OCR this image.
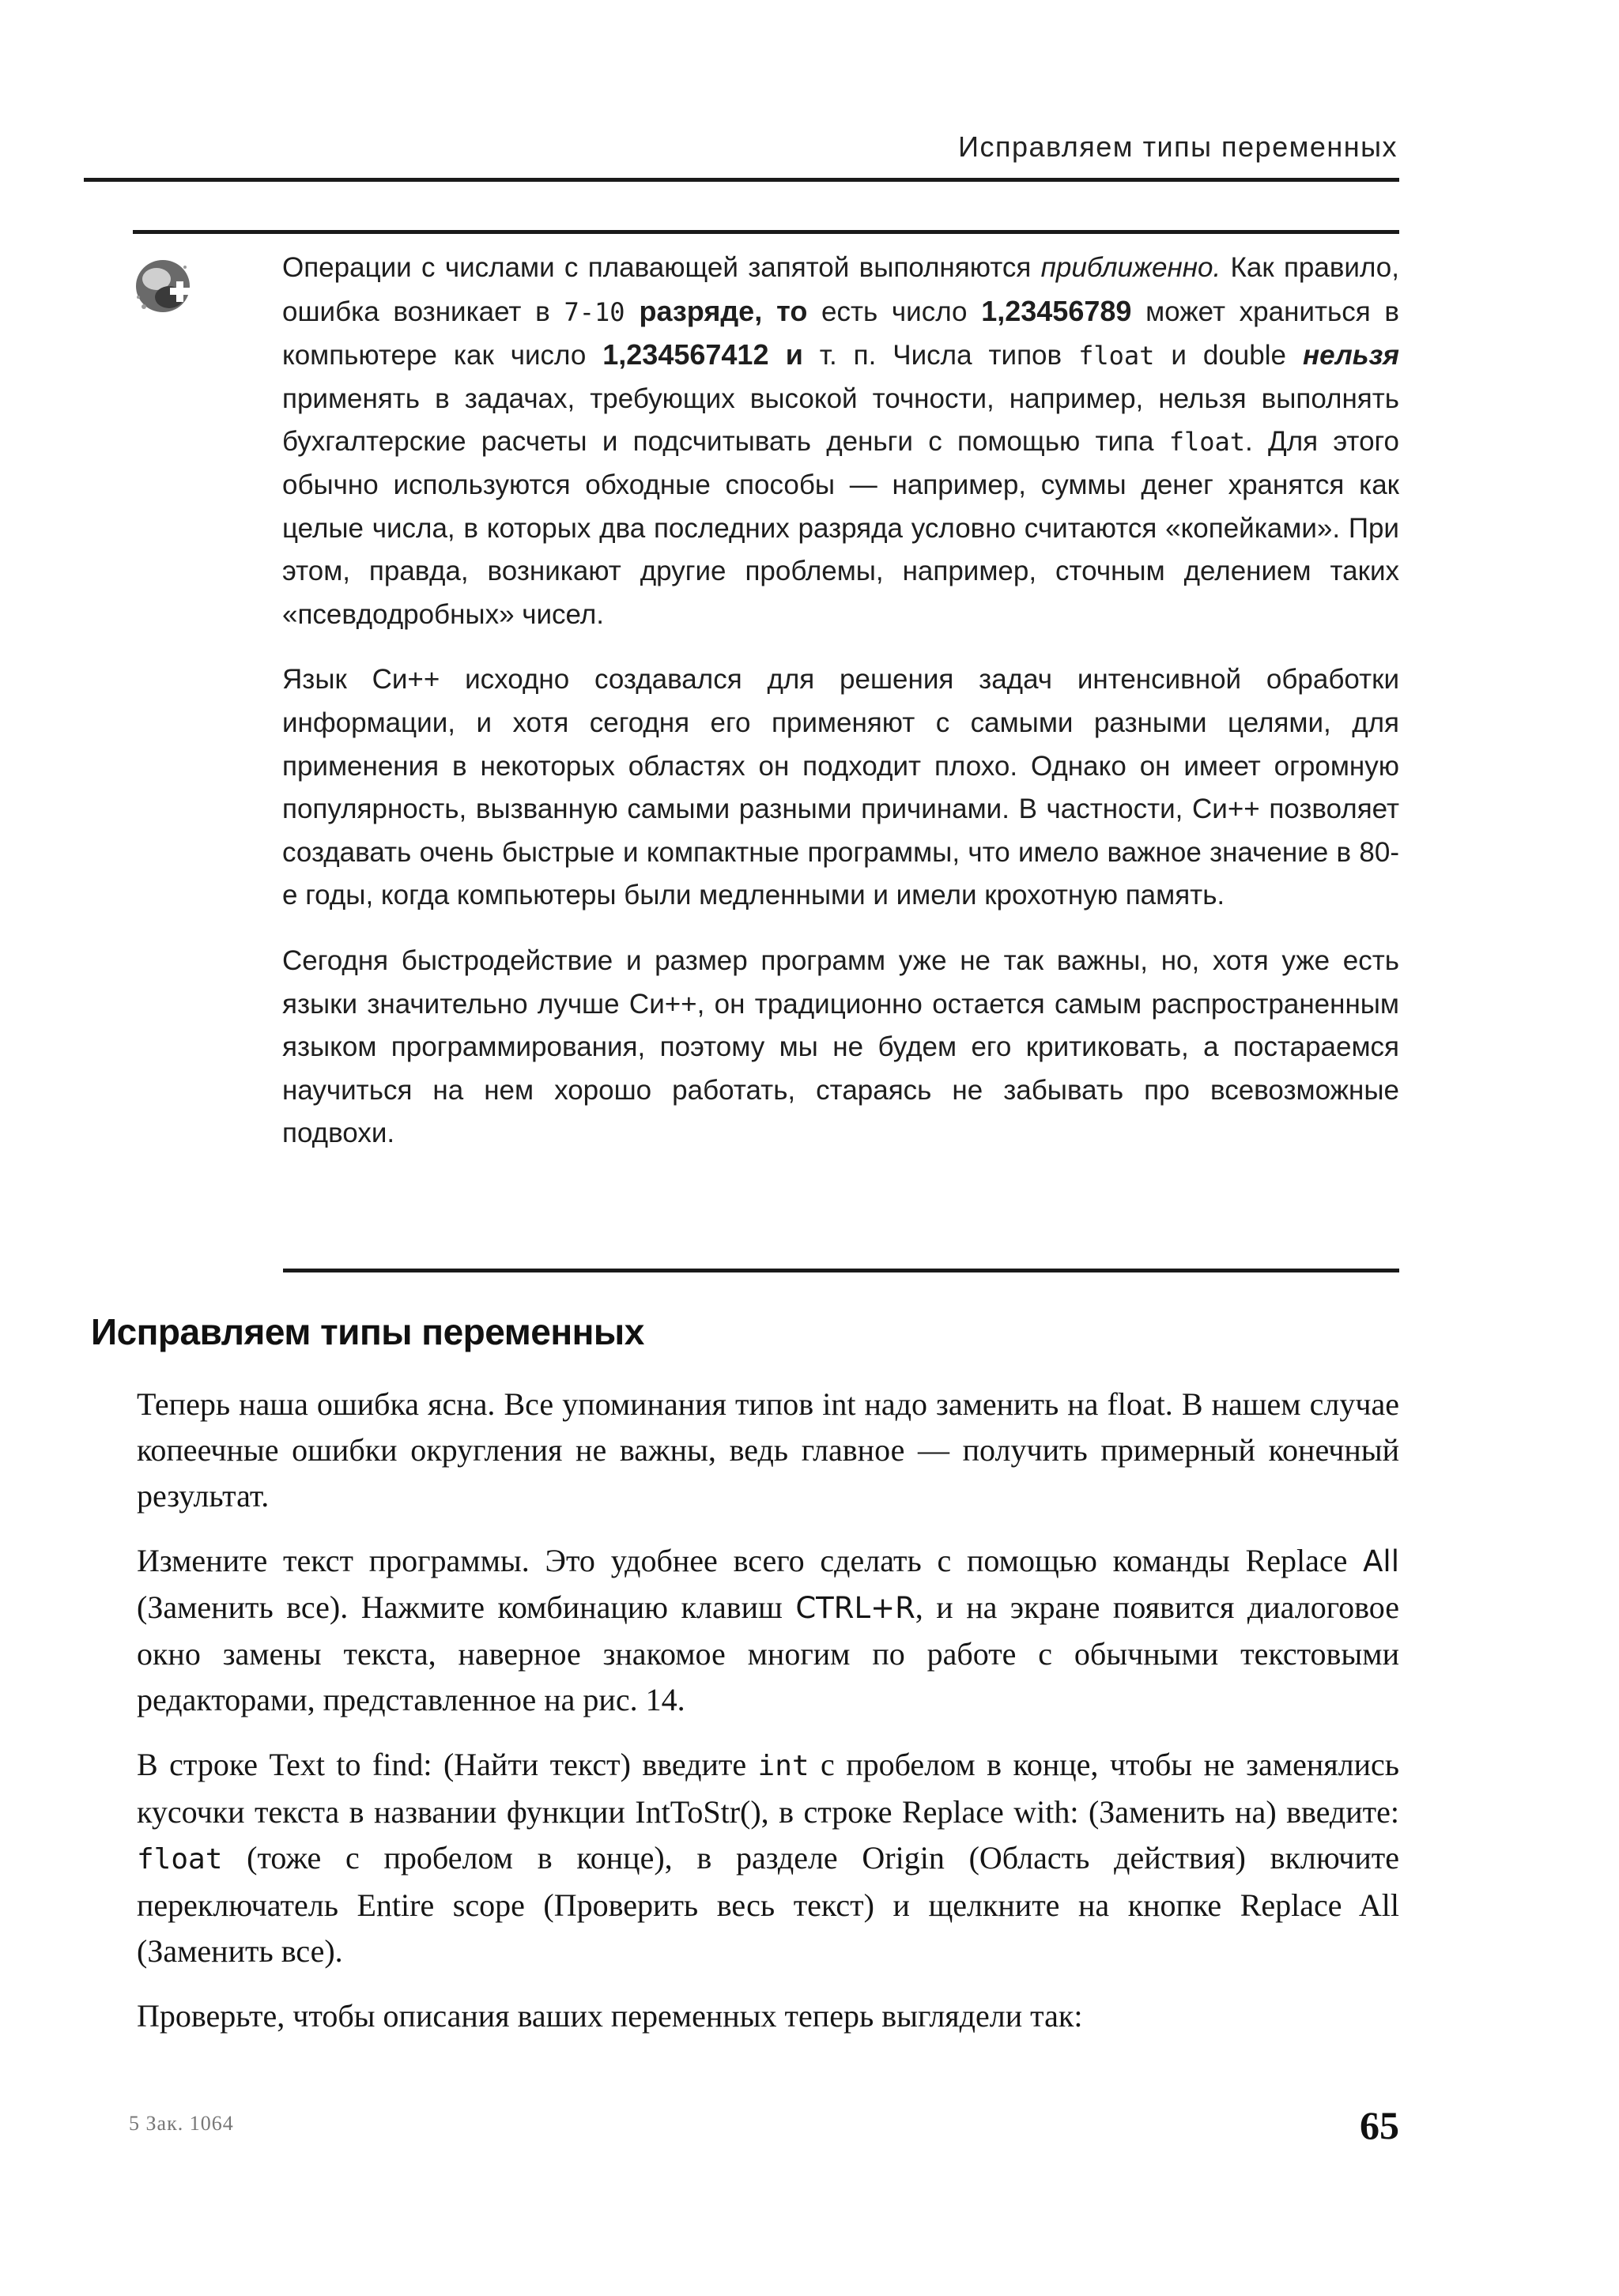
Исправляем типы переменных

Операции с числами с плавающей запятой выполняются приближенно. Как правило, ошибка возникает в 7-10 разряде, то есть число 1,23456789 может храниться в компьютере как число 1,234567412 и т. п. Числа типов float и double нельзя применять в задачах, требующих высокой точности, например, нельзя выполнять бухгалтерские расчеты и подсчитывать деньги с помощью типа float. Для этого обычно используются обходные способы — например, суммы денег хранятся как целые числа, в которых два последних разряда условно считаются «копейками». При этом, правда, возникают другие проблемы, например, сточным делением таких «псевдодробных» чисел.

Язык Си++ исходно создавался для решения задач интенсивной обработки информации, и хотя сегодня его применяют с самыми разными целями, для применения в некоторых областях он подходит плохо. Однако он имеет огромную популярность, вызванную самыми разными причинами. В частности, Си++ позволяет создавать очень быстрые и компактные программы, что имело важное значение в 80-е годы, когда компьютеры были медленными и имели крохотную память.

Сегодня быстродействие и размер программ уже не так важны, но, хотя уже есть языки значительно лучше Си++, он традиционно остается самым распространенным языком программирования, поэтому мы не будем его критиковать, а постараемся научиться на нем хорошо работать, стараясь не забывать про всевозможные подвохи.

Исправляем типы переменных

Теперь наша ошибка ясна. Все упоминания типов int надо заменить на float. В нашем случае копеечные ошибки округления не важны, ведь главное — получить примерный конечный результат.

Измените текст программы. Это удобнее всего сделать с помощью команды Replace All (Заменить все). Нажмите комбинацию клавиш CTRL+R, и на экране появится диалоговое окно замены текста, наверное знакомое многим по работе с обычными текстовыми редакторами, представленное на рис. 14.

В строке Text to find: (Найти текст) введите int с пробелом в конце, чтобы не заменялись кусочки текста в названии функции IntToStr(), в строке Replace with: (Заменить на) введите: float (тоже с пробелом в конце), в разделе Origin (Область действия) включите переключатель Entire scope (Проверить весь текст) и щелкните на кнопке Replace All (Заменить все).

Проверьте, чтобы описания ваших переменных теперь выглядели так:

5 Зак. 1064	65
